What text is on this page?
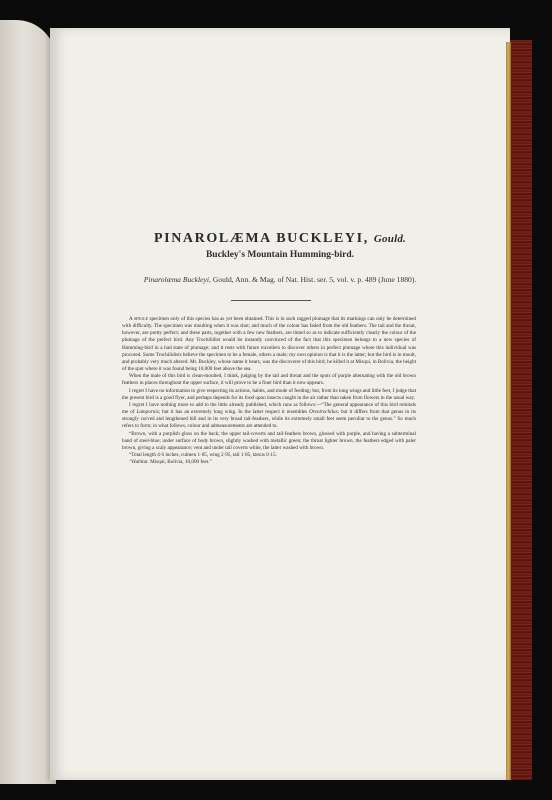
PINAROLÆMA BUCKLEYI, Gould.
Buckley's Mountain Humming-bird.

Pinarolæma Buckleyi, Gould, Ann. & Mag. of Nat. Hist. ser. 5, vol. v. p. 489 (June 1880).

A single specimen only of this species has as yet been obtained. This is in such ragged plumage that its markings can only be determined with difficulty. The specimen was moulting when it was shot; and much of the colour has faded from the old feathers. The tail and the throat, however, are pretty perfect; and these parts, together with a few new feathers, are tinted so as to indicate sufficiently clearly the colour of the plumage of the perfect bird. Any Trochilidist would be instantly convinced of the fact that this specimen belongs to a new species of Humming-bird in a bad state of plumage; and it rests with future travellers to discover others in perfect plumage where this individual was procured. Some Trochilidists believe the specimen to be a female, others a male; my own opinion is that it is the latter; but the bird is in moult, and probably very much altered. Mr. Buckley, whose name it bears, was the discoverer of this bird; he killed it at Misqui, in Bolivia, the height of the spot where it was found being 10,000 feet above the sea.

When the male of this bird is clean-moulted, I think, judging by the tail and throat and the spots of purple alternating with the old brown feathers in places throughout the upper surface, it will prove to be a finer bird than it now appears.

I regret I have no information to give respecting its actions, habits, and mode of feeding; but, from its long wings and little feet, I judge that the present bird is a good flyer, and perhaps depends for its food upon insects caught in the air rather than taken from flowers in the usual way.

I regret I have nothing more to add to the little already published, which runs as follows:—“The general appearance of this bird reminds me of Lampornis; but it has an extremely long wing. In the latter respect it resembles Oreotrochilus; but it differs from that genus in its strongly curved and lengthened bill and in its very broad tail-feathers, while its extremely small feet seem peculiar to the genus.” So much refers to form; in what follows, colour and admeasurements are attended to.

“Brown, with a purplish gloss on the back; the upper tail-coverts and tail-feathers brown, glossed with purple, and having a subterminal band of steel-blue; under surface of body brown, slightly washed with metallic green; the throat lighter brown, the feathers edged with paler brown, giving a scaly appearance; vent and under tail coverts white, the latter washed with brown.

“Total length 4·6 inches, culmen 1·05, wing 2·95, tail 1·85, tarsus 0·15.

“Habitat. Misqui, Bolivia, 10,000 feet.”
